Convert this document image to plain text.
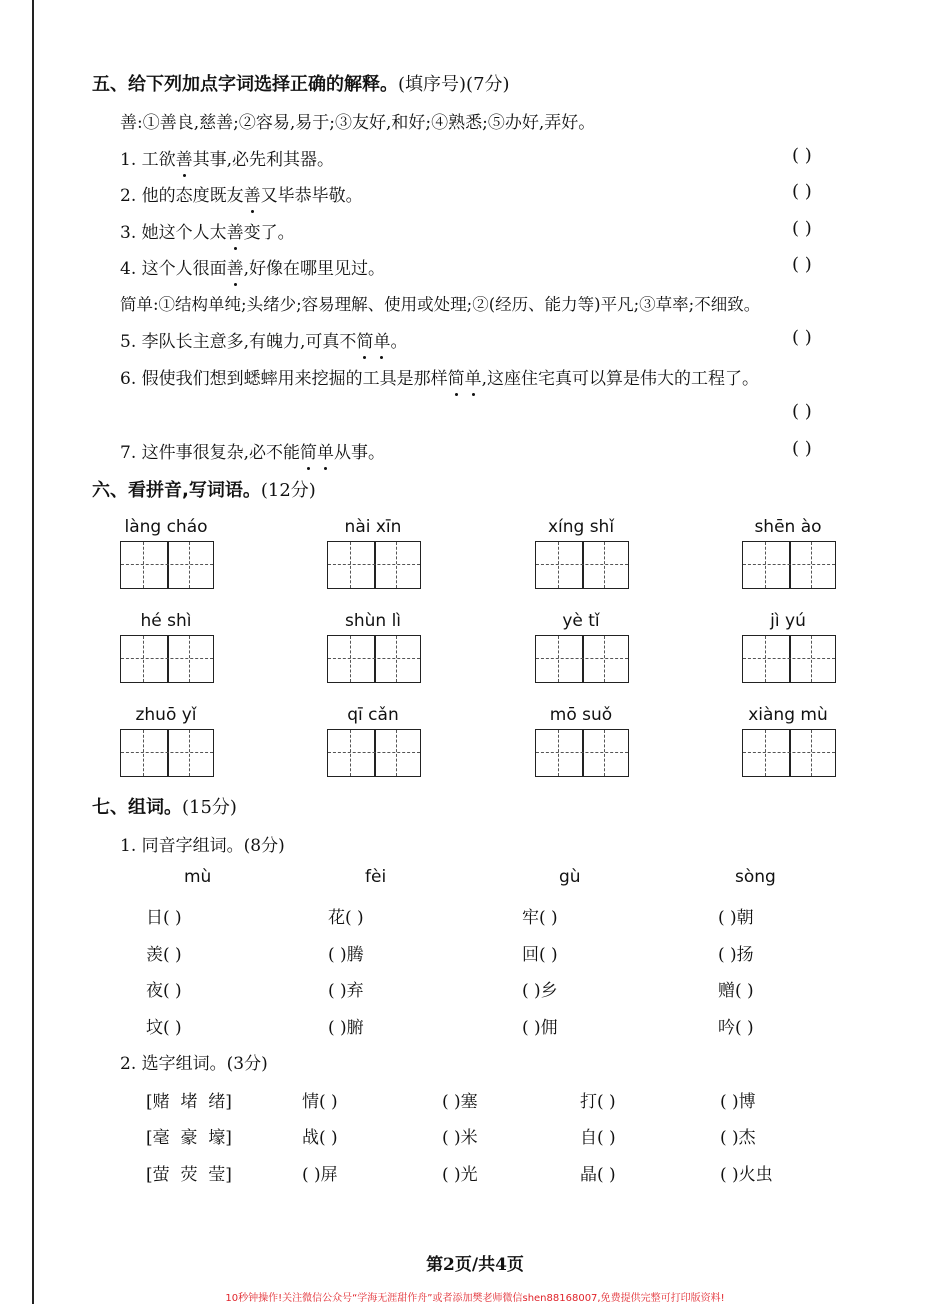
五、给下列加点字词选择正确的解释。(填序号)(7分)
善:①善良,慈善;②容易,易于;③友好,和好;④熟悉;⑤办好,弄好。
1. 工欲善其事,必先利其器。	( )
2. 他的态度既友善又毕恭毕敬。	( )
3. 她这个人太善变了。	( )
4. 这个人很面善,好像在哪里见过。	( )
简单:①结构单纯;头绪少;容易理解、使用或处理;②(经历、能力等)平凡;③草率;不细致。
5. 李队长主意多,有魄力,可真不简单。	( )
6. 假使我们想到蟋蟀用来挖掘的工具是那样简单,这座住宅真可以算是伟大的工程了。
( )
7. 这件事很复杂,必不能简单从事。	( )
六、看拼音,写词语。(12分)
làng cháo	nài xīn	xíng shǐ	shēn ào
hé shì	shùn lì	yè tǐ	jì yú
zhuō yǐ	qī cǎn	mō suǒ	xiàng mù
七、组词。(15分)
1. 同音字组词。(8分)
mù	fèi	gù	sòng
日( )	花( )	牢( )	( )朝
羡( )	( )腾	回( )	( )扬
夜( )	( )弃	( )乡	赠( )
坟( )	( )腑	( )佣	吟( )
2. 选字组词。(3分)
[赌  堵  绪]	情( )	( )塞	打( )	( )博
[毫  豪  壕]	战( )	( )米	自( )	( )杰
[萤  荧  莹]	( )屏	( )光	晶( )	( )火虫
第2页/共4页
10秒钟操作!关注微信公众号“学海无涯甜作舟”或者添加樊老师微信shen88168007,免费提供完整可打印版资料!
